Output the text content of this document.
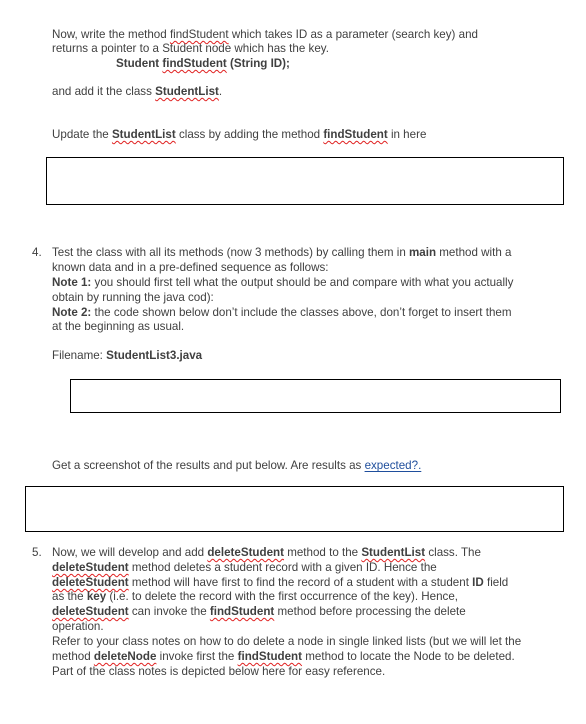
Now, write the method findStudent which takes ID as a parameter (search key) and
returns a pointer to a Student node which has the key.
Student findStudent (String ID);
and add it the class StudentList.
Update the StudentList class by adding the method findStudent in here
4. Test the class with all its methods (now 3 methods) by calling them in main method with a
known data and in a pre-defined sequence as follows:
Note 1: you should first tell what the output should be and compare with what you actually
obtain by running the java cod):
Note 2: the code shown below don’t include the classes above, don’t forget to insert them
at the beginning as usual.
Filename: StudentList3.java
Get a screenshot of the results and put below. Are results as expected?.
5. Now, we will develop and add deleteStudent method to the StudentList class. The
deleteStudent method deletes a student record with a given ID. Hence the
deleteStudent method will have first to find the record of a student with a student ID field
as the key (i.e. to delete the record with the first occurrence of the key). Hence,
deleteStudent can invoke the findStudent method before processing the delete
operation.
Refer to your class notes on how to do delete a node in single linked lists (but we will let the
method deleteNode invoke first the findStudent method to locate the Node to be deleted.
Part of the class notes is depicted below here for easy reference.
